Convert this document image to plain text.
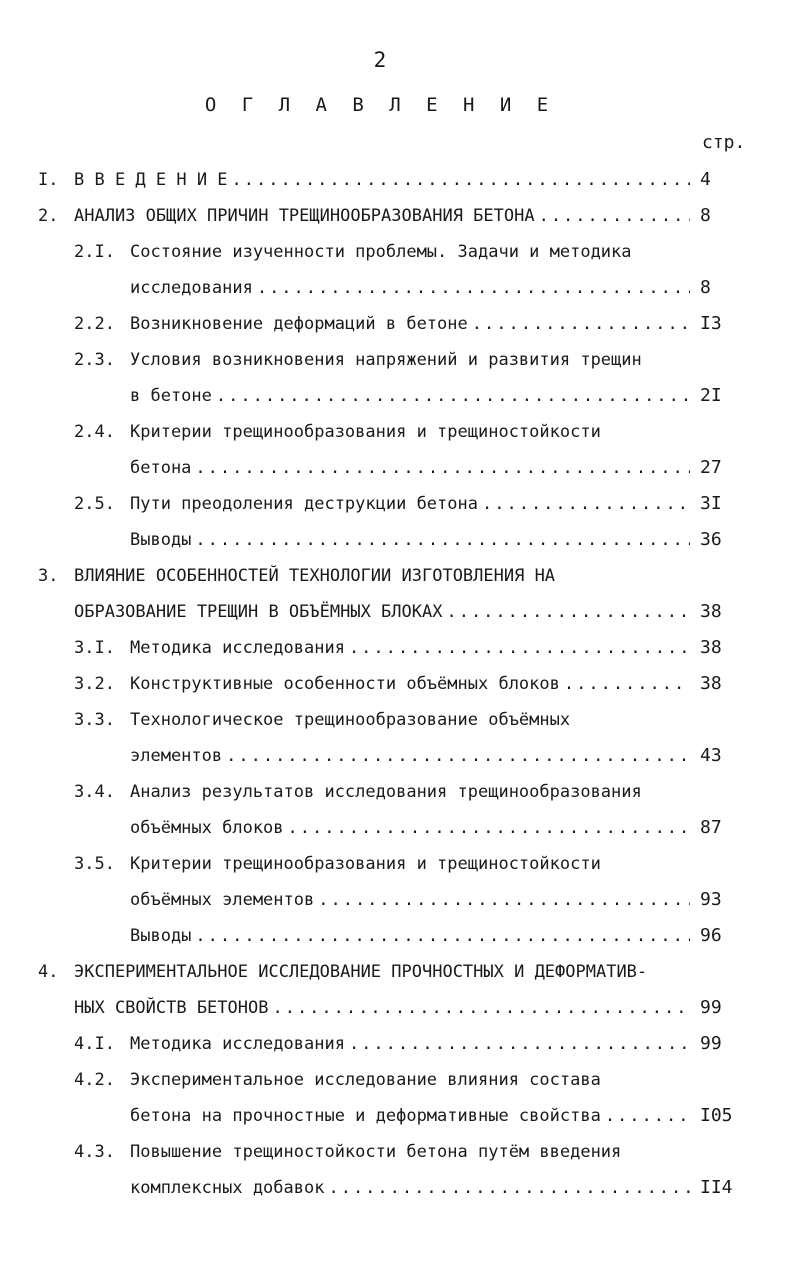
2
О Г Л А В Л Е Н И Е
стр.
I. В В Е Д Е Н И Е .....	4
2. АНАЛИЗ ОБЩИХ ПРИЧИН ТРЕЩИНООБРАЗОВАНИЯ БЕТОНА .....	8
2.I. Состояние изученности проблемы. Задачи и методика
исследования .....	8
2.2. Возникновение деформаций в бетоне .....	I3
2.3. Условия возникновения напряжений и развития трещин
в бетоне .....	2I
2.4. Критерии трещинообразования и трещиностойкости
бетона .....	27
2.5. Пути преодоления деструкции бетона .....	3I
Выводы .....	36
3. ВЛИЯНИЕ ОСОБЕННОСТЕЙ ТЕХНОЛОГИИ ИЗГОТОВЛЕНИЯ НА
ОБРАЗОВАНИЕ ТРЕЩИН В ОБЪЁМНЫХ БЛОКАХ .....	38
3.I. Методика исследования .....	38
3.2. Конструктивные особенности объёмных блоков .....	38
3.3. Технологическое трещинообразование объёмных
элементов .....	43
3.4. Анализ результатов исследования трещинообразования
объёмных блоков .....	87
3.5. Критерии трещинообразования и трещиностойкости
объёмных элементов .....	93
Выводы .....	96
4. ЭКСПЕРИМЕНТАЛЬНОЕ ИССЛЕДОВАНИЕ ПРОЧНОСТНЫХ И ДЕФОРМАТИВ-
НЫХ СВОЙСТВ БЕТОНОВ .....	99
4.I. Методика исследования .....	99
4.2. Экспериментальное исследование влияния состава
бетона на прочностные и деформативные свойства .....	I05
4.3. Повышение трещиностойкости бетона путём введения
комплексных добавок .....	II4
